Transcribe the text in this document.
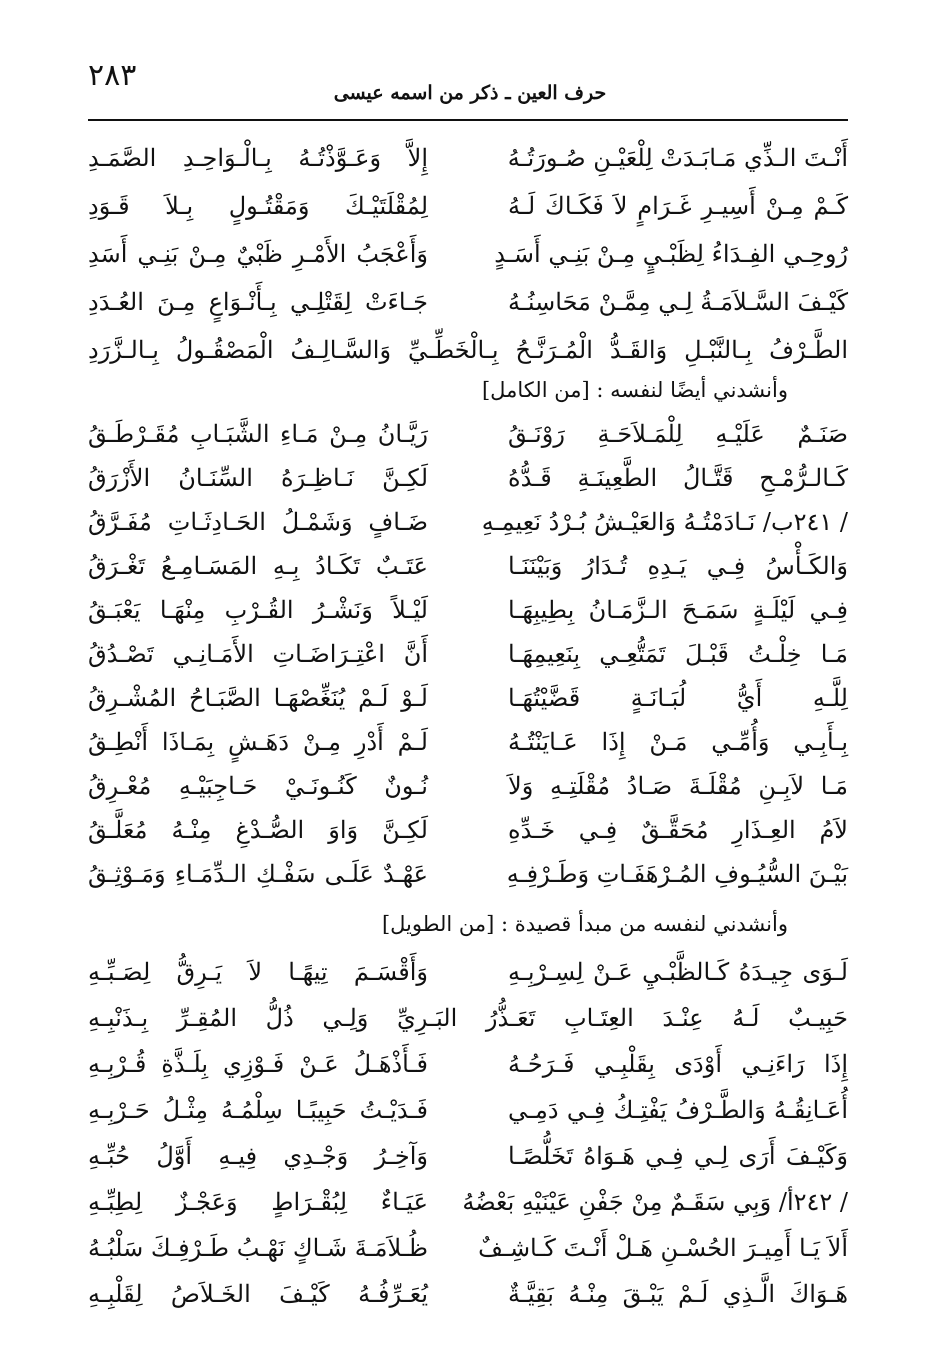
٢٨٣	حرف العين ـ ذكر من اسمه عيسى
أَنْـتَ الـذِّي مَـابَـدَتْ لِلْعَيْـنِ صُـورَتُـهُ
إِلاَّ وَعَـوَّذْتُـهُ بِـالْـوَاحِـدِ الصَّمَـدِ
كَـمْ مِـنْ أَسِيـرِ غَـرَامٍ لاَ فَكَـاكَ لَـهُ
لِمُقْلَتَيْـكَ وَمَقْتُـولٍ بِـلاَ قَـوَدِ
رُوحِـي الفِـدَاءُ لِظَبْـيٍ مِـنْ بَنِـي أَسَـدٍ
وَأَعْجَبُ الأَمْـرِ ظَبْيٌ مِـنْ بَنِـي أَسَدِ
كَيْـفَ السَّـلاَمَـةُ لِـي مِمَّـنْ مَحَاسِنُـهُ
جَـاءَتْ لِقَتْلِـي بِـأَنْـوَاعٍ مِـنَ العُـدَدِ
الطَّـرْفُ بِـالنَّبْـلِ وَالقَـدُّ الْمُـرَنَّـحُ بِـالْخَطِّـيِّ وَالسَّـالِـفُ الْمَصْقُـولُ بِـالـزَّرَدِ
وأنشدني أيضًا لنفسه : [من الكامل]
صَنَـمٌ عَلَيْـهِ لِلْمَـلاَحَـةِ رَوْنَـقُ
رَيَّـانُ مِـنْ مَـاءِ الشَّبَـابِ مُقَـرْطَـقُ
كَـالـرُّمْـحِ قَتَّـالُ الطَّعِينَـةِ قَـدُّهُ
لَكِـنَّ نَـاظِـرَهُ السِّنَـانُ الأَزْرَقُ
/ ٢٤١ب/ نَـادَمْتُـهُ وَالعَيْـشُ بُـرْدُ نَعِيمِـهِ
ضَـافٍ وَشَمْـلُ الحَـادِثَـاتِ مُفَـرَّقُ
وَالكَـأْسُ فِـي يَـدِهِ تُـدَارُ وَبَيْنَنَـا
عَتَـبٌ تَكَـادُ بِـهِ المَسَـامِـعُ تَغْـرَقُ
فِـي لَيْلَـةٍ سَمَـحَ الـزَّمَـانُ بِطِيبِهَـا
لَيْـلاً وَنَشْـرُ القُـرْبِ مِنْهَـا يَعْبَـقُ
مَـا خِلْـتُ قَبْـلَ تَمَتُّعِـي بِنَعِيمِهَـا
أَنَّ اعْتِـرَاضَـاتِ الأَمَـانِـي تَصْـدُقُ
لِلَّـهِ أَيُّ لُبَـانَـةٍ قَضَّيْتُهَـا
لَـوْ لَـمْ يُنَغِّصْهَـا الصَّبَـاحُ المُشْـرِقُ
بِـأَبِـي وَأُمِّـي مَـنْ إِذَا عَـايَنْتُـهُ
لَـمْ أَدْرِ مِـنْ دَهَـشٍ بِمَـاذَا أَنْطِـقُ
مَـا لاَبِـنِ مُقْلَـةَ صَـادُ مُقْلَتِـهِ وَلاَ
نُـونٌ كَنُـونَـيْ حَـاجِبَيْـهِ مُعْـرِقُ
لاَمُ العِـذَارِ مُحَقَّـقٌ فِـي خَـدِّهِ
لَكِـنَّ وَاوَ الصُّـدْغِ مِنْـهُ مُعَلَّـقُ
بَيْـنَ السُّيُـوفِ المُـرْهَفَـاتِ وَطَـرْفِـهِ
عَهْـدٌ عَلَـى سَفْـكِ الـدِّمَـاءِ وَمَـوْثِـقُ
وأنشدني لنفسه من مبدأ قصيدة : [من الطويل]
لَـوَى جِيـدَهُ كَـالظَّبْـيِ عَـنْ لِسِـرْبِـهِ
وَأَقْسَـمَ تِيهًـا لاَ يَـرِقُّ لِصَـبِّـهِ
حَبِيـبٌ لَـهُ عِنْـدَ العِتَـابِ تَعَـذُّرُ البَـرِيِّ وَلِـي ذُلُّ المُقِـرِّ بِـذَنْبِـهِ
إِذَا رَاءَنِـي أَوْدَى بِقَلْبِـي فَـرَحُـهُ
فَـأَذْهَـلُ عَـنْ فَـوْزِي بِلَـذَّةِ قُـرْبِـهِ
أُعَـانِقُـهُ وَالطَّـرْفُ يَفْتِـكُ فِـي دَمِـي
فَـدَيْـتُ حَبِيبًـا سِلْمُـهُ مِثْـلُ حَـرْبِـهِ
وَكَيْـفَ أَرَى لِـي فِـي هَـوَاهُ تَخَلُّصًـا
وَآخِـرُ وَجْـدِي فِيـهِ أَوَّلُ حُبِّـهِ
/ ٢٤٢أ/ وَبِي سَقَـمٌ مِنْ جَفْنِ عَيْنَيْهِ بَعْضُهُ
عَيَـاءٌ لِبُقْـرَاطٍ وَعَجْـزٌ لِطِبِّـهِ
أَلاَ يَـا أَمِيـرَ الحُسْـنِ هَـلْ أَنْـتَ كَـاشِـفٌ
ظُـلاَمَـةَ شَـاكٍ نَهْـبُ طَـرْفِـكَ سَلْبُـهُ
هَـوَاكَ الَّـذِي لَـمْ يَبْـقَ مِنْـهُ بَقِيَّـةٌ
يُعَـرِّفُـهُ كَيْـفَ الخَـلاَصُ لِقَلْبِـهِ
